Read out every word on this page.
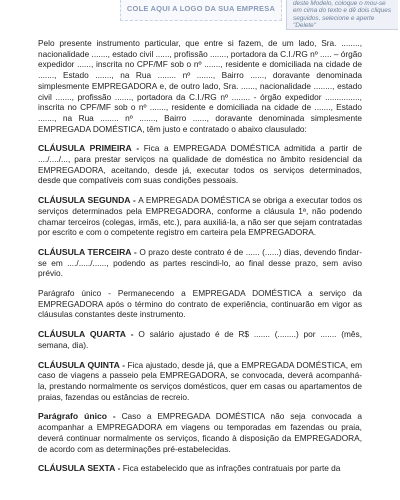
COLE AQUI A LOGO DA SUA EMPRESA
deste Modelo, coloque o mou-se em cima do texto e dê dois cliques seguidos, selecione e aperte "Delete"

Pelo presente instrumento particular, que entre si fazem, de um lado, Sra. ........, nacionalidade ......., estado civil ......, profissão ......., portadora da C.I./RG nº ..... – órgão expedidor ......, inscrita no CPF/MF sob o nº ......., residente e domiciliada na cidade de ......., Estado ......., na Rua ........ nº ......., Bairro ......, doravante denominada simplesmente EMPREGADORA e, de outro lado, Sra. ......, nacionalidade ........, estado civil ......., profissão ......., portadora da C.I./RG nº ........ - órgão expedidor ..............., inscrita no CPF/MF sob o nº ......., residente e domiciliada na cidade de ......., Estado ......., na Rua ........ nº ......., Bairro ......, doravante denominada simplesmente EMPREGADA DOMÉSTICA, têm justo e contratado o abaixo clausulado:

CLÁUSULA PRIMEIRA - Fica a EMPREGADA DOMÉSTICA admitida a partir de ..../..../..., para prestar serviços na qualidade de doméstica no âmbito residencial da EMPREGADORA, aceitando, desde já, executar todos os serviços determinados, desde que compatíveis com suas condições pessoais.

CLÁUSULA SEGUNDA - A EMPREGADA DOMÉSTICA se obriga a executar todos os serviços determinados pela EMPREGADORA, conforme a cláusula 1ª, não podendo chamar terceiros (colegas, irmãs, etc.), para auxiliá-la, a não ser que sejam contratadas por escrito e com o competente registro em carteira pela EMPREGADORA.

CLÁUSULA TERCEIRA - O prazo deste contrato é de ...... (......) dias, devendo findar-se em ..../...../......, podendo as partes rescindi-lo, ao final desse prazo, sem aviso prévio.

Parágrafo único - Permanecendo a EMPREGADA DOMÉSTICA a serviço da EMPREGADORA após o término do contrato de experiência, continuarão em vigor as cláusulas constantes deste instrumento.

CLÁUSULA QUARTA - O salário ajustado é de R$ ....... (........) por ....... (mês, semana, dia).

CLÁUSULA QUINTA - Fica ajustado, desde já, que a EMPREGADA DOMÉSTICA, em caso de viagens a passeio pela EMPREGADORA, se convocada, deverá acompanhá-la, prestando normalmente os serviços domésticos, quer em casas ou apartamentos de praias, fazendas ou estâncias de recreio.

Parágrafo único - Caso a EMPREGADA DOMÉSTICA não seja convocada a acompanhar a EMPREGADORA em viagens ou temporadas em fazendas ou praia, deverá continuar normalmente os serviços, ficando à disposição da EMPREGADORA, de acordo com as determinações pré-estabelecidas.

CLÁUSULA SEXTA - Fica estabelecido que as infrações contratuais por parte da
